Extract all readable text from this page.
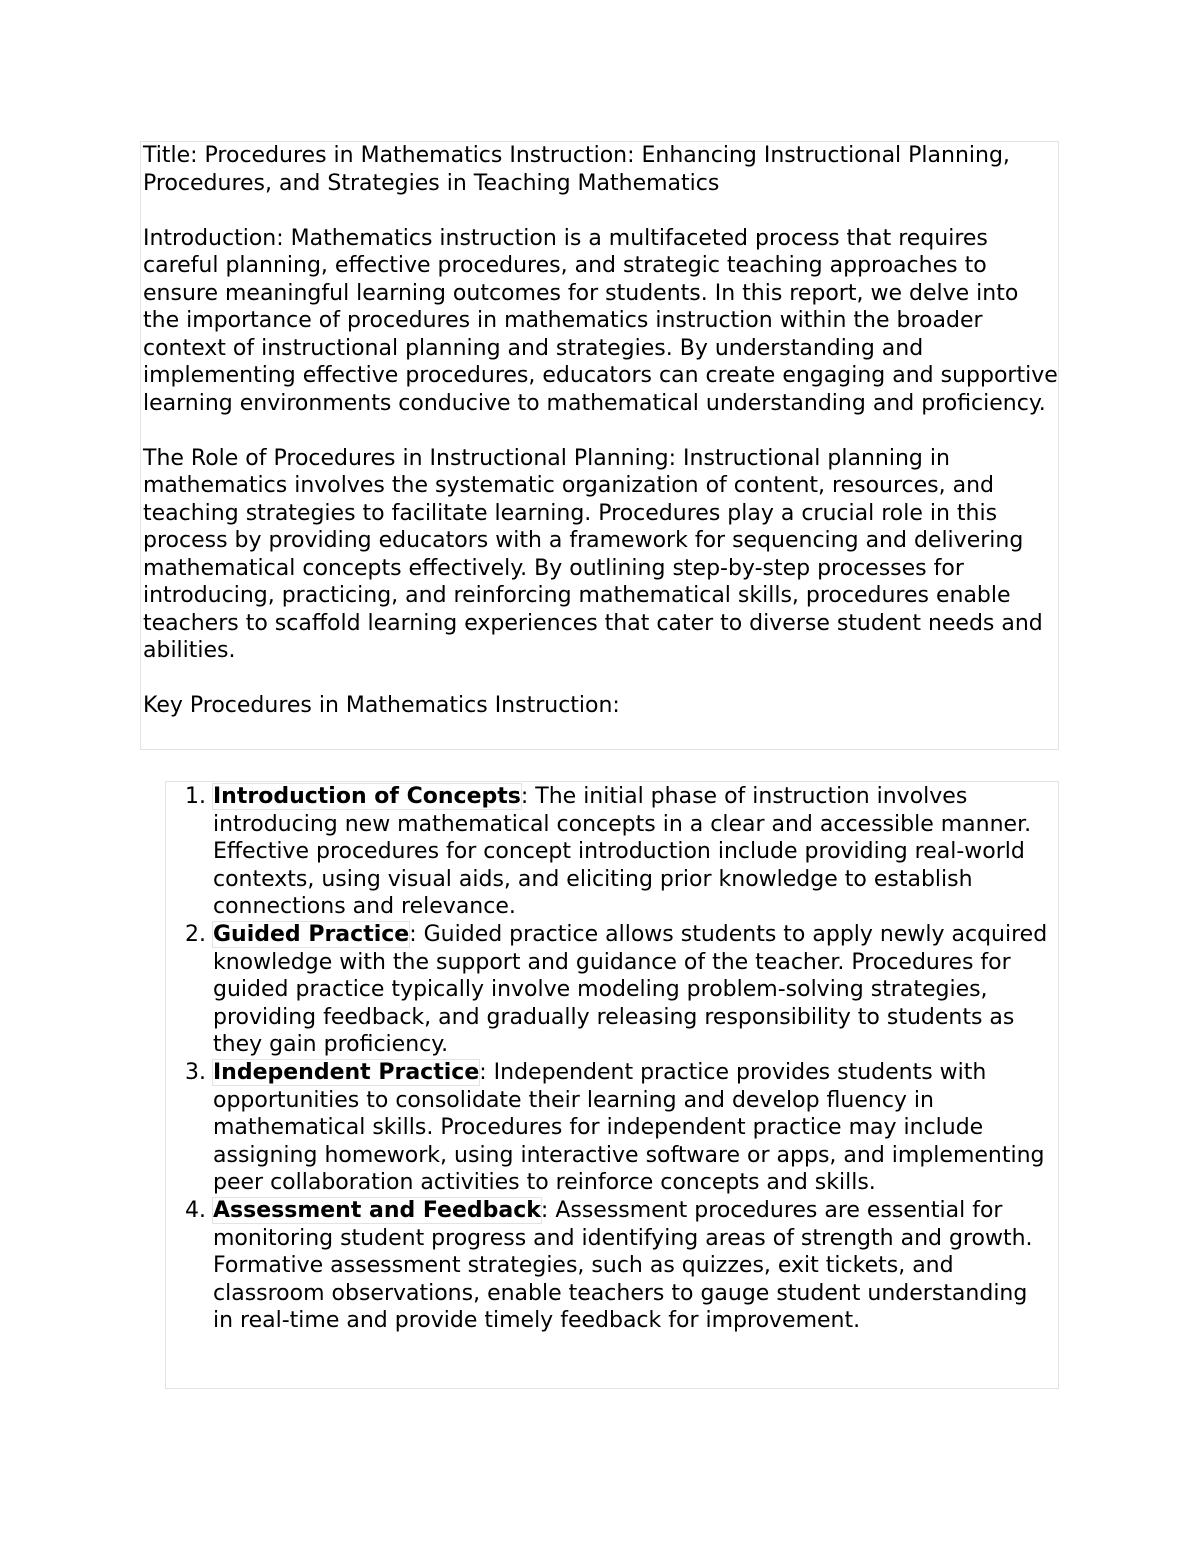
Title: Procedures in Mathematics Instruction: Enhancing Instructional Planning, Procedures, and Strategies in Teaching Mathematics

Introduction: Mathematics instruction is a multifaceted process that requires careful planning, effective procedures, and strategic teaching approaches to ensure meaningful learning outcomes for students. In this report, we delve into the importance of procedures in mathematics instruction within the broader context of instructional planning and strategies. By understanding and implementing effective procedures, educators can create engaging and supportive learning environments conducive to mathematical understanding and proficiency.

The Role of Procedures in Instructional Planning: Instructional planning in mathematics involves the systematic organization of content, resources, and teaching strategies to facilitate learning. Procedures play a crucial role in this process by providing educators with a framework for sequencing and delivering mathematical concepts effectively. By outlining step-by-step processes for introducing, practicing, and reinforcing mathematical skills, procedures enable teachers to scaffold learning experiences that cater to diverse student needs and abilities.

Key Procedures in Mathematics Instruction:

1. Introduction of Concepts: The initial phase of instruction involves introducing new mathematical concepts in a clear and accessible manner. Effective procedures for concept introduction include providing real-world contexts, using visual aids, and eliciting prior knowledge to establish connections and relevance.
2. Guided Practice: Guided practice allows students to apply newly acquired knowledge with the support and guidance of the teacher. Procedures for guided practice typically involve modeling problem-solving strategies, providing feedback, and gradually releasing responsibility to students as they gain proficiency.
3. Independent Practice: Independent practice provides students with opportunities to consolidate their learning and develop fluency in mathematical skills. Procedures for independent practice may include assigning homework, using interactive software or apps, and implementing peer collaboration activities to reinforce concepts and skills.
4. Assessment and Feedback: Assessment procedures are essential for monitoring student progress and identifying areas of strength and growth. Formative assessment strategies, such as quizzes, exit tickets, and classroom observations, enable teachers to gauge student understanding in real-time and provide timely feedback for improvement.
